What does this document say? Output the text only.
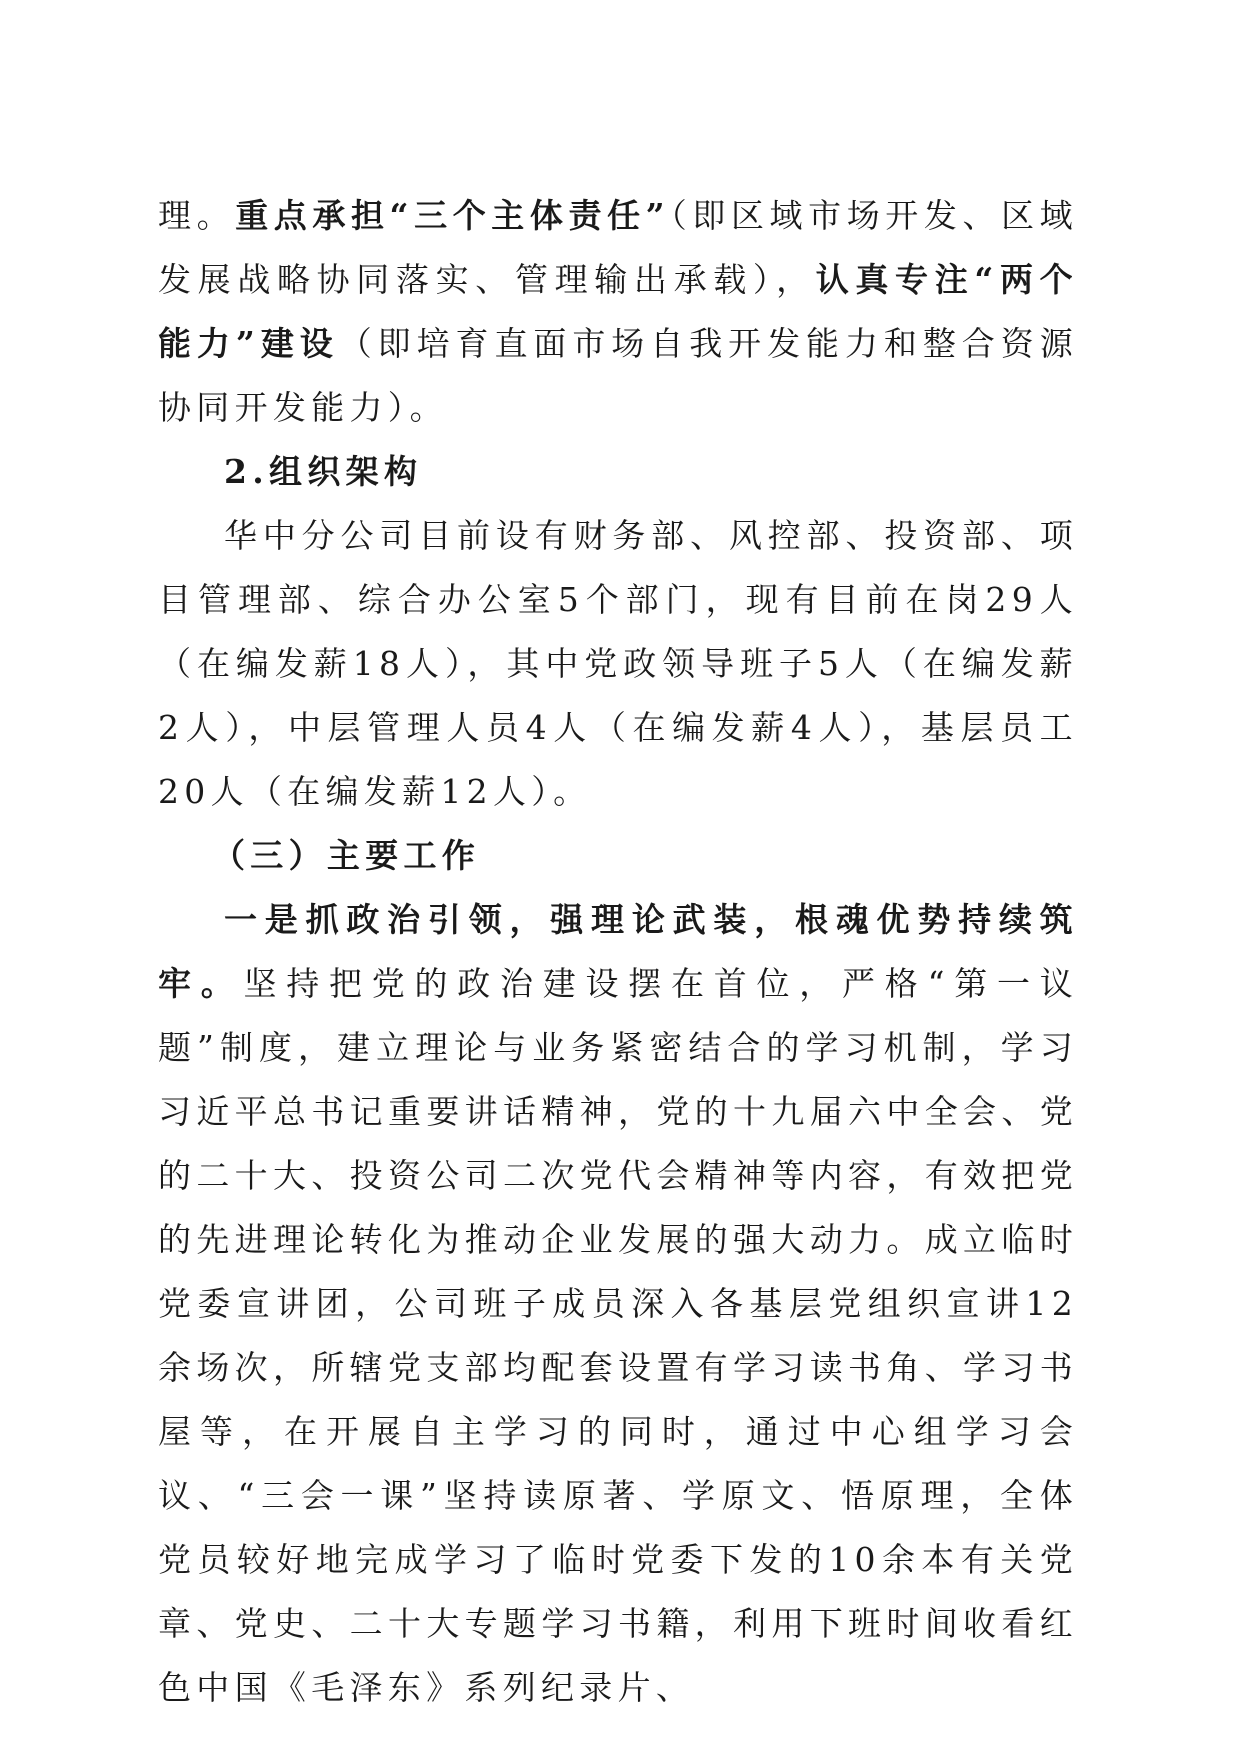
理。重点承担“三个主体责任”（即区域市场开发、区域发展战略协同落实、管理输出承载），认真专注“两个能力”建设（即培育直面市场自我开发能力和整合资源协同开发能力）。

2.组织架构

华中分公司目前设有财务部、风控部、投资部、项目管理部、综合办公室5个部门，现有目前在岗29人（在编发薪18人），其中党政领导班子5人（在编发薪2人），中层管理人员4人（在编发薪4人），基层员工20人（在编发薪12人）。

（三）主要工作

一是抓政治引领，强理论武装，根魂优势持续筑牢。坚持把党的政治建设摆在首位，严格“第一议题”制度，建立理论与业务紧密结合的学习机制，学习习近平总书记重要讲话精神，党的十九届六中全会、党的二十大、投资公司二次党代会精神等内容，有效把党的先进理论转化为推动企业发展的强大动力。成立临时党委宣讲团，公司班子成员深入各基层党组织宣讲12余场次，所辖党支部均配套设置有学习读书角、学习书屋等，在开展自主学习的同时，通过中心组学习会议、“三会一课”坚持读原著、学原文、悟原理，全体党员较好地完成学习了临时党委下发的10余本有关党章、党史、二十大专题学习书籍，利用下班时间收看红色中国《毛泽东》系列纪录片、
